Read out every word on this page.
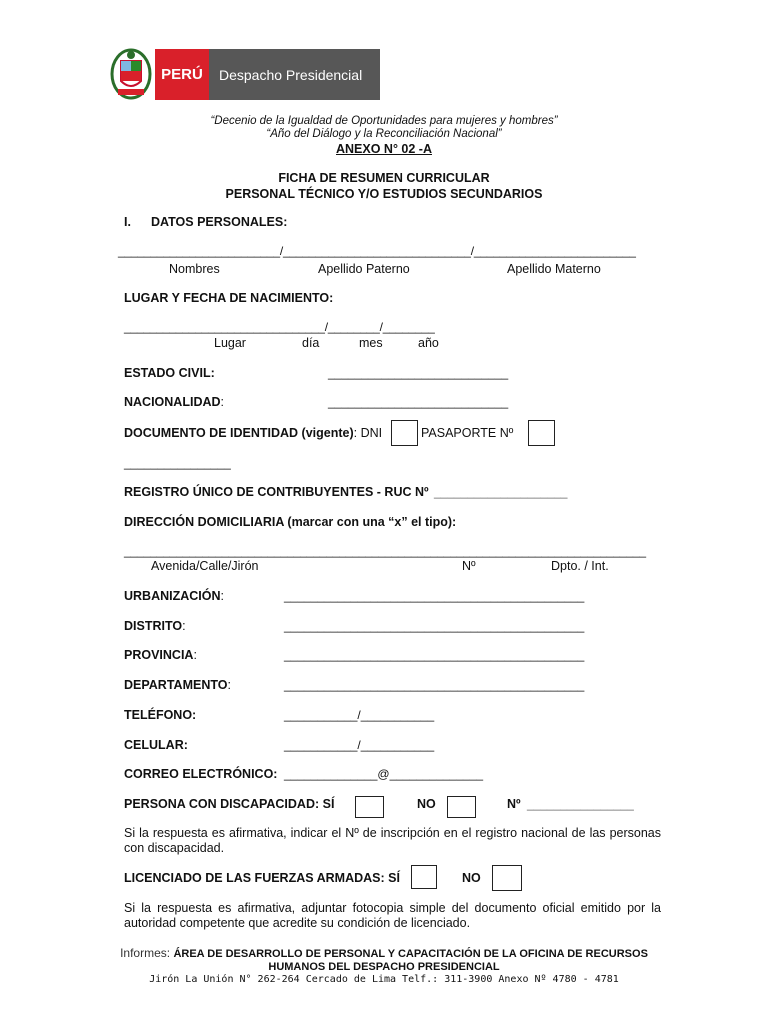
PERÚ	Despacho Presidencial
“Decenio de la Igualdad de Oportunidades para mujeres y hombres”
“Año del Diálogo y la Reconciliación Nacional”
ANEXO N° 02 -A
FICHA DE RESUMEN CURRICULAR
PERSONAL TÉCNICO Y/O ESTUDIOS SECUNDARIOS
I. DATOS PERSONALES:
_________________________/_____________________________/_________________________
Nombres	Apellido Paterno	Apellido Materno
LUGAR Y FECHA DE NACIMIENTO:
_______________________________/________/________
Lugar	día	mes	año
ESTADO CIVIL:	___________________________
NACIONALIDAD:	___________________________
DOCUMENTO DE IDENTIDAD (vigente): DNI	PASAPORTE Nº
________________
REGISTRO ÚNICO DE CONTRIBUYENTES - RUC Nº ____________________
DIRECCIÓN DOMICILIARIA (marcar con una “x” el tipo):
________________________________________________________________________________
Avenida/Calle/Jirón	Nº	Dpto. / Int.
URBANIZACIÓN:	_____________________________________________
DISTRITO:	_____________________________________________
PROVINCIA:	_____________________________________________
DEPARTAMENTO:	_____________________________________________
TELÉFONO:	___________/___________
CELULAR:	___________/___________
CORREO ELECTRÓNICO: ______________@______________
PERSONA CON DISCAPACIDAD: SÍ	NO	Nº ________________
Si la respuesta es afirmativa, indicar el Nº de inscripción en el registro nacional de las personas con discapacidad.
LICENCIADO DE LAS FUERZAS ARMADAS: SÍ	NO
Si la respuesta es afirmativa, adjuntar fotocopia simple del documento oficial emitido por la autoridad competente que acredite su condición de licenciado.
Informes: ÁREA DE DESARROLLO DE PERSONAL Y CAPACITACIÓN DE LA OFICINA DE RECURSOS
HUMANOS DEL DESPACHO PRESIDENCIAL
Jirón La Unión N° 262-264 Cercado de Lima Telf.: 311-3900 Anexo Nº 4780 - 4781
